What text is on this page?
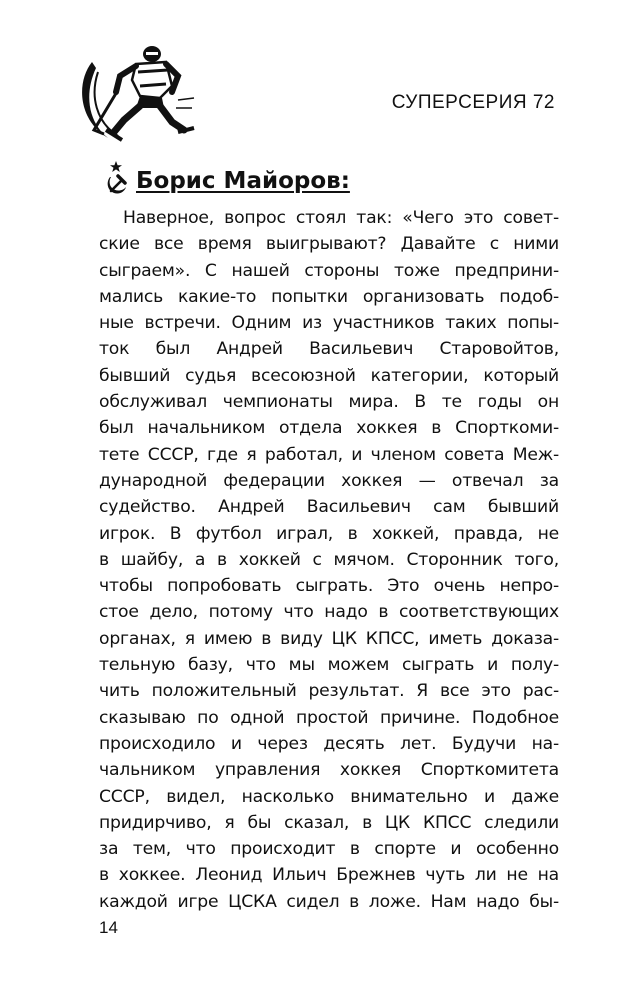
СУПЕРСЕРИЯ 72
Борис Майоров:
Наверное, вопрос стоял так: «Чего это совет-
ские все время выигрывают? Давайте с ними
сыграем». С нашей стороны тоже предприни-
мались какие-то попытки организовать подоб-
ные встречи. Одним из участников таких попы-
ток был Андрей Васильевич Старовойтов,
бывший судья всесоюзной категории, который
обслуживал чемпионаты мира. В те годы он
был начальником отдела хоккея в Спорткоми-
тете СССР, где я работал, и членом совета Меж-
дународной федерации хоккея — отвечал за
судейство. Андрей Васильевич сам бывший
игрок. В футбол играл, в хоккей, правда, не
в шайбу, а в хоккей с мячом. Сторонник того,
чтобы попробовать сыграть. Это очень непро-
стое дело, потому что надо в соответствующих
органах, я имею в виду ЦК КПСС, иметь доказа-
тельную базу, что мы можем сыграть и полу-
чить положительный результат. Я все это рас-
сказываю по одной простой причине. Подобное
происходило и через десять лет. Будучи на-
чальником управления хоккея Спорткомитета
СССР, видел, насколько внимательно и даже
придирчиво, я бы сказал, в ЦК КПСС следили
за тем, что происходит в спорте и особенно
в хоккее. Леонид Ильич Брежнев чуть ли не на
каждой игре ЦСКА сидел в ложе. Нам надо бы-
14
